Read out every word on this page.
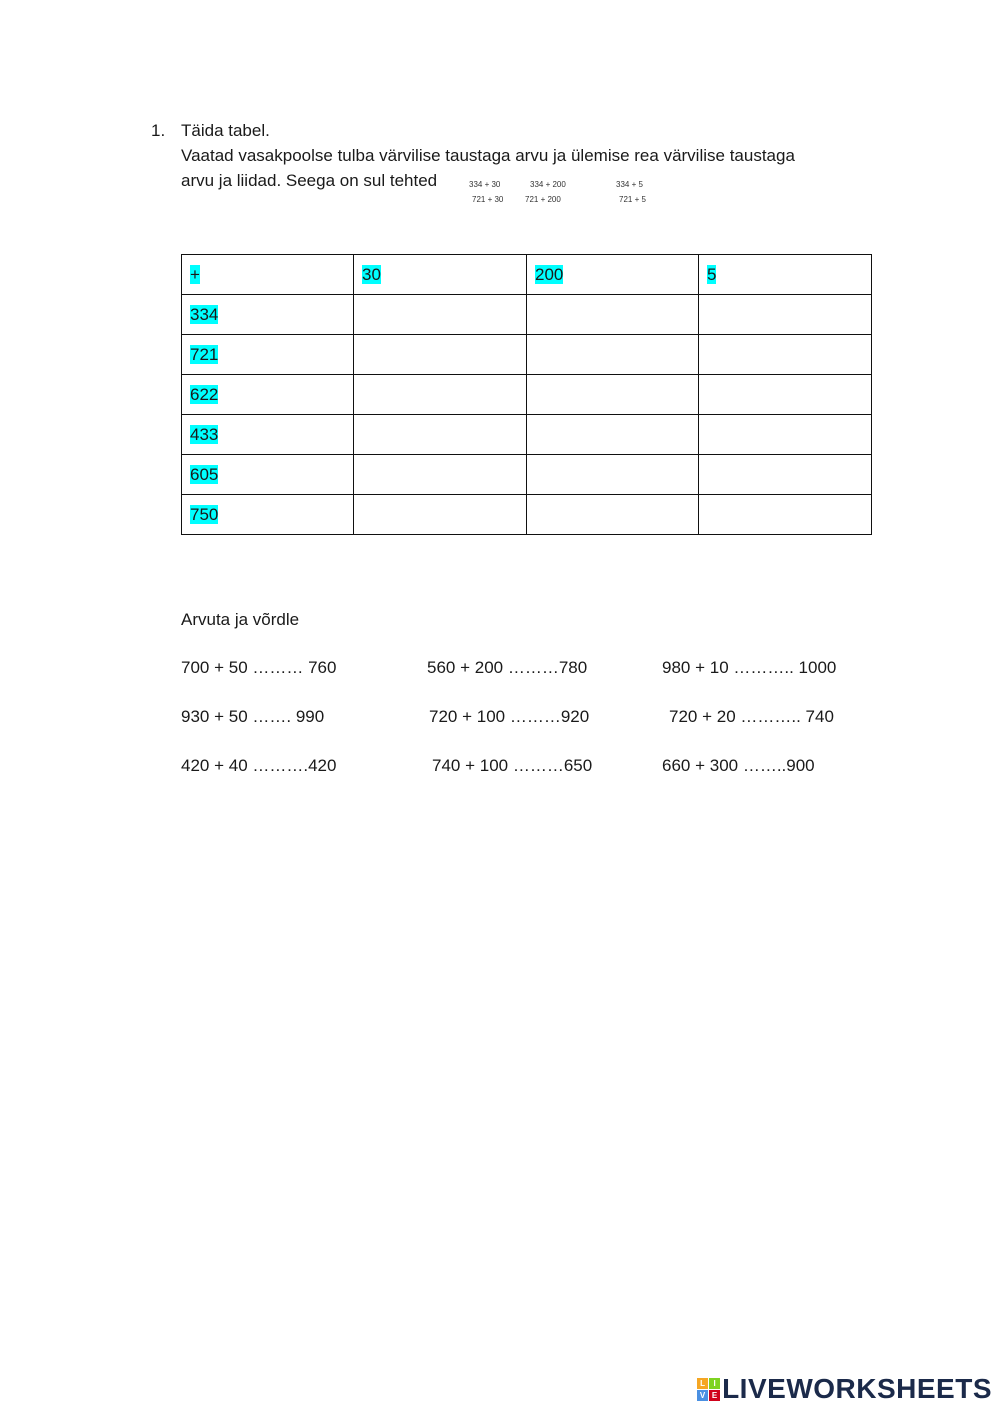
1. Täida tabel.
Vaatad vasakpoolse tulba värvilise taustaga arvu ja ülemise rea värvilise taustaga
arvu ja liidad. Seega on sul tehted	334 + 30	334 + 200	334 + 5
721 + 30	721 + 200	721 + 5
+	30	200	5
334			
721			
622			
433			
605			
750			
Arvuta ja võrdle
700 + 50 ……… 760	560 + 200 ………780	980 + 10 ……….. 1000
930 + 50 ……. 990	720 + 100 ………920	720 + 20 ……….. 740
420 + 40 ……….420	740 + 100 ………650	660 + 300 ……..900
L	I
V E LIVEWORKSHEETS
